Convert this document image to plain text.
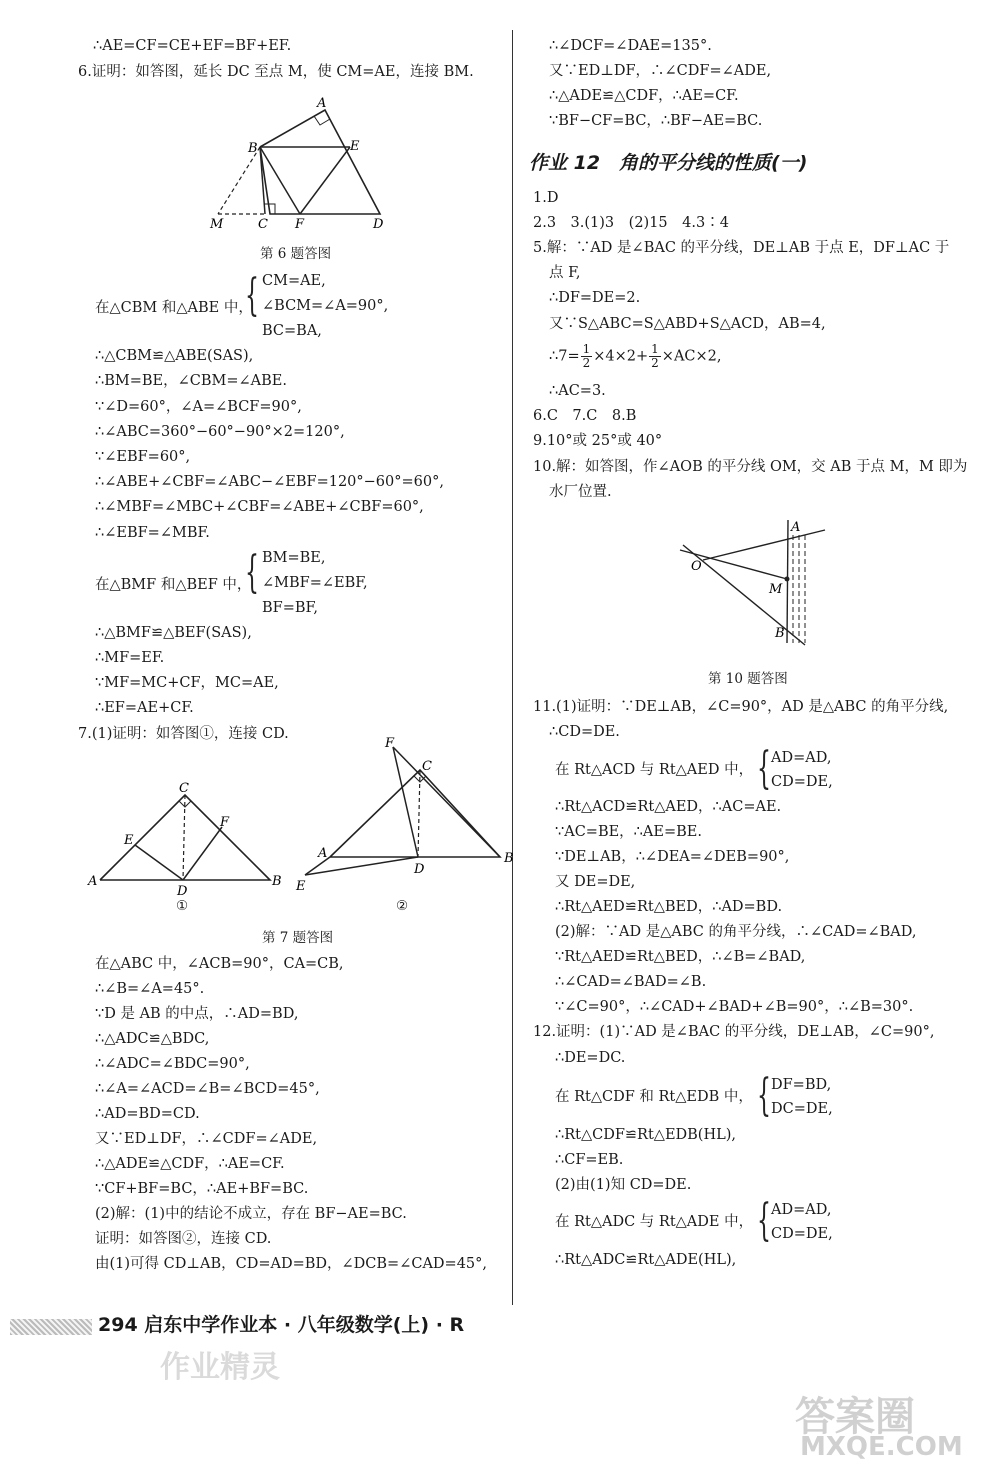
∴AE=CF=CE+EF=BF+EF.
6.证明：如答图，延长 DC 至点 M，使 CM=AE，连接 BM.
A
B	E
M	C F	D
第 6 题答图
在△CBM 和△ABE 中，
{ CM=AE,
∠BCM=∠A=90°,
BC=BA,
∴△CBM≌△ABE(SAS),
∴BM=BE，∠CBM=∠ABE.
∵∠D=60°，∠A=∠BCF=90°,
∴∠ABC=360°−60°−90°×2=120°,
∵∠EBF=60°,
∴∠ABE+∠CBF=∠ABC−∠EBF=120°−60°=60°,
∴∠MBF=∠MBC+∠CBF=∠ABE+∠CBF=60°,
∴∠EBF=∠MBF.
在△BMF 和△BEF 中，
{ BM=BE,
∠MBF=∠EBF,
BF=BF,
∴△BMF≌△BEF(SAS),
∴MF=EF.
∵MF=MC+CF，MC=AE,
∴EF=AE+CF.
7.(1)证明：如答图①，连接 CD.
C
E
F
A
D
B
①
F
C
A
D
B
E
②
第 7 题答图
在△ABC 中，∠ACB=90°，CA=CB,
∴∠B=∠A=45°.
∵D 是 AB 的中点，∴AD=BD,
∴△ADC≌△BDC,
∴∠ADC=∠BDC=90°,
∴∠A=∠ACD=∠B=∠BCD=45°,
∴AD=BD=CD.
又∵ED⊥DF，∴∠CDF=∠ADE,
∴△ADE≌△CDF，∴AE=CF.
∵CF+BF=BC，∴AE+BF=BC.
(2)解：(1)中的结论不成立，存在 BF−AE=BC.
证明：如答图②，连接 CD.
由(1)可得 CD⊥AB，CD=AD=BD，∠DCB=∠CAD=45°,
∴∠DCF=∠DAE=135°.
又∵ED⊥DF，∴∠CDF=∠ADE,
∴△ADE≌△CDF，∴AE=CF.
∵BF−CF=BC，∴BF−AE=BC.
作业 12　角的平分线的性质(一)
1.D
2.3　3.(1)3　(2)15　4.3∶4
5.解：∵AD 是∠BAC 的平分线，DE⊥AB 于点 E，DF⊥AC 于
点 F,
∴DF=DE=2.
又∵S△ABC=S△ABD+S△ACD，AB=4,
∴7= $\frac{1}{2} \times 4\times 2+ \frac{1}{2} \times AC\times 2$,
∴AC=3.
6.C　7.C　8.B
9.10°或 25°或 40°
10.解：如答图，作∠AOB 的平分线 OM，交 AB 于点 M，M 即为
水厂位置.
A
O
M
B
第 10 题答图
11.(1)证明：∵DE⊥AB，∠C=90°，AD 是△ABC 的角平分线,
∴CD=DE.
在 Rt△ACD 与 Rt△AED 中， { AD=AD,
CD=DE,
∴Rt△ACD≌Rt△AED，∴AC=AE.
∵AC=BE，∴AE=BE.
∵DE⊥AB，∴∠DEA=∠DEB=90°,
又 DE=DE,
∴Rt△AED≌Rt△BED，∴AD=BD.
(2)解：∵AD 是△ABC 的角平分线，∴∠CAD=∠BAD,
∵Rt△AED≌Rt△BED，∴∠B=∠BAD,
∴∠CAD=∠BAD=∠B.
∵∠C=90°，∴∠CAD+∠BAD+∠B=90°，∴∠B=30°.
12.证明：(1)∵AD 是∠BAC 的平分线，DE⊥AB，∠C=90°,
∴DE=DC.
在 Rt△CDF 和 Rt△EDB 中， { DF=BD,
DC=DE,
∴Rt△CDF≌Rt△EDB(HL),
∴CF=EB.
(2)由(1)知 CD=DE.
在 Rt△ADC 与 Rt△ADE 中， { AD=AD,
CD=DE,
∴Rt△ADC≌Rt△ADE(HL),
294 启东中学作业本 · 八年级数学(上) · R
作业精灵
答案圈
MXQE.COM
